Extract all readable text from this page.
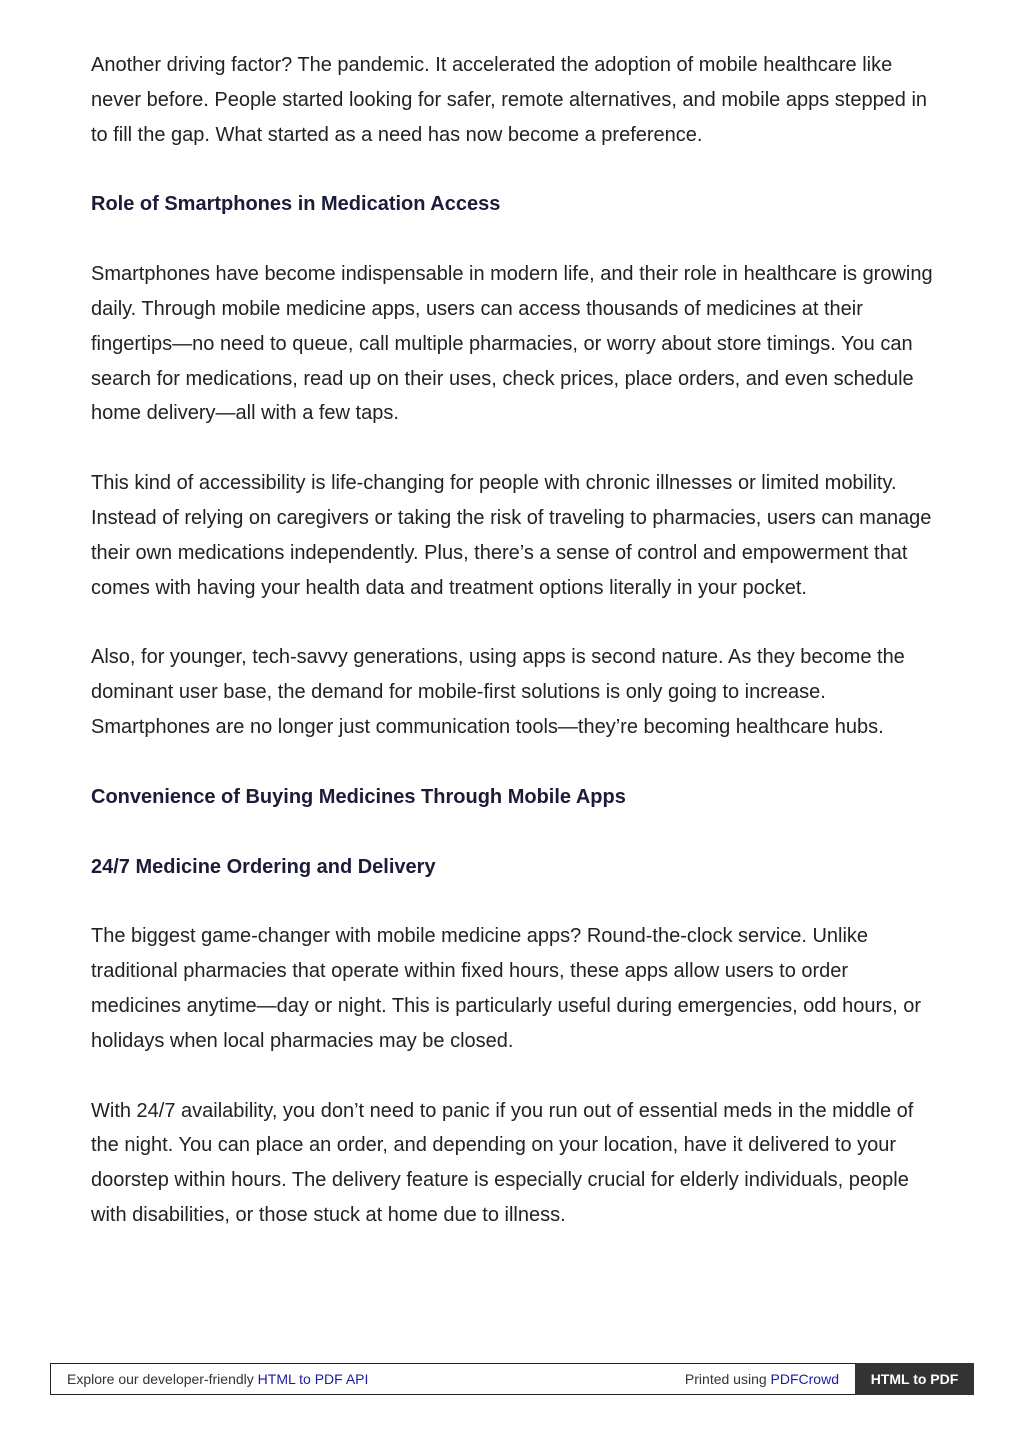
Another driving factor? The pandemic. It accelerated the adoption of mobile healthcare like never before. People started looking for safer, remote alternatives, and mobile apps stepped in to fill the gap. What started as a need has now become a preference.

Role of Smartphones in Medication Access

Smartphones have become indispensable in modern life, and their role in healthcare is growing daily. Through mobile medicine apps, users can access thousands of medicines at their fingertips—no need to queue, call multiple pharmacies, or worry about store timings. You can search for medications, read up on their uses, check prices, place orders, and even schedule home delivery—all with a few taps.

This kind of accessibility is life-changing for people with chronic illnesses or limited mobility. Instead of relying on caregivers or taking the risk of traveling to pharmacies, users can manage their own medications independently. Plus, there’s a sense of control and empowerment that comes with having your health data and treatment options literally in your pocket.

Also, for younger, tech-savvy generations, using apps is second nature. As they become the dominant user base, the demand for mobile-first solutions is only going to increase. Smartphones are no longer just communication tools—they’re becoming healthcare hubs.

Convenience of Buying Medicines Through Mobile Apps

24/7 Medicine Ordering and Delivery

The biggest game-changer with mobile medicine apps? Round-the-clock service. Unlike traditional pharmacies that operate within fixed hours, these apps allow users to order medicines anytime—day or night. This is particularly useful during emergencies, odd hours, or holidays when local pharmacies may be closed.

With 24/7 availability, you don’t need to panic if you run out of essential meds in the middle of the night. You can place an order, and depending on your location, have it delivered to your doorstep within hours. The delivery feature is especially crucial for elderly individuals, people with disabilities, or those stuck at home due to illness.

Explore our developer-friendly HTML to PDF API	Printed using PDFCrowd	HTML to PDF
